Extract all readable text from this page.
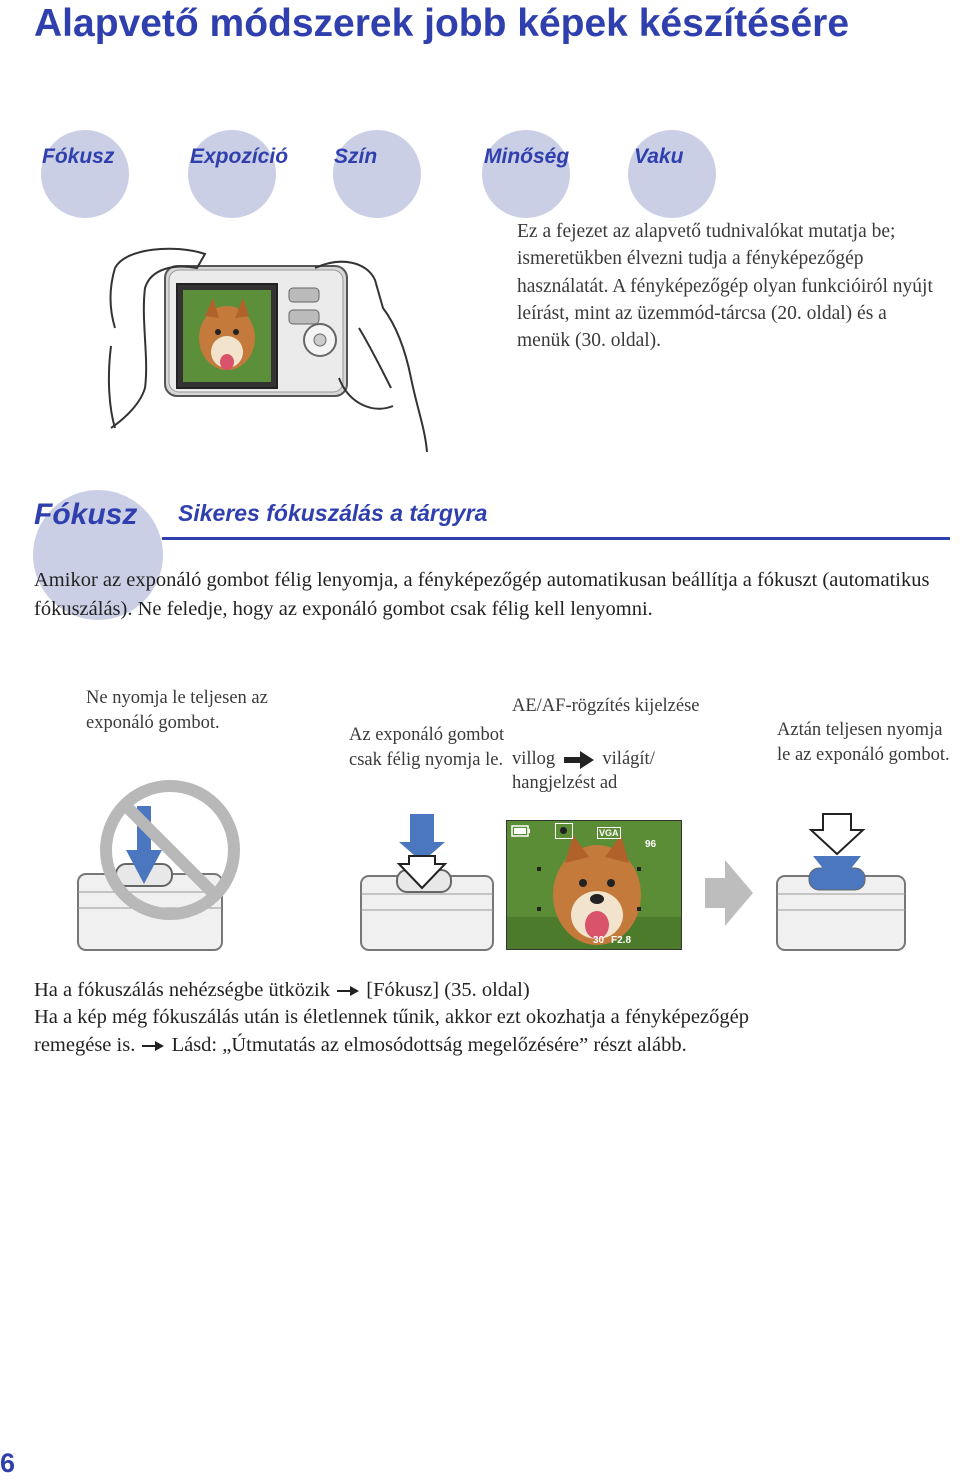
Alapvető módszerek jobb képek készítésére
Fókusz	Expozíció Szín	Minőség	Vaku
Ez a fejezet az alapvető tudnivalókat mutatja be; ismeretükben élvezni tudja a fényképezőgép használatát. A fényképezőgép olyan funkcióiról nyújt leírást, mint az üzemmód-tárcsa (20. oldal) és a menük (30. oldal).
Fókusz Sikeres fókuszálás a tárgyra
Amikor az exponáló gombot félig lenyomja, a fényképezőgép automatikusan beállítja a fókuszt (automatikus fókuszálás). Ne feledje, hogy az exponáló gombot csak félig kell lenyomni.
Ne nyomja le teljesen az exponáló gombot.
Az exponáló gombot csak félig nyomja le.
AE/AF-rögzítés kijelzése
villog	világít/
hangjelzést ad
Aztán teljesen nyomja le az exponáló gombot.
VGA
96
30 F2.8
Ha a fókuszálás nehézségbe ütközik [Fókusz] (35. oldal)
Ha a kép még fókuszálás után is életlennek tűnik, akkor ezt okozhatja a fényképezőgép
remegése is. Lásd: „Útmutatás az elmosódottság megelőzésére” részt alább.
6
